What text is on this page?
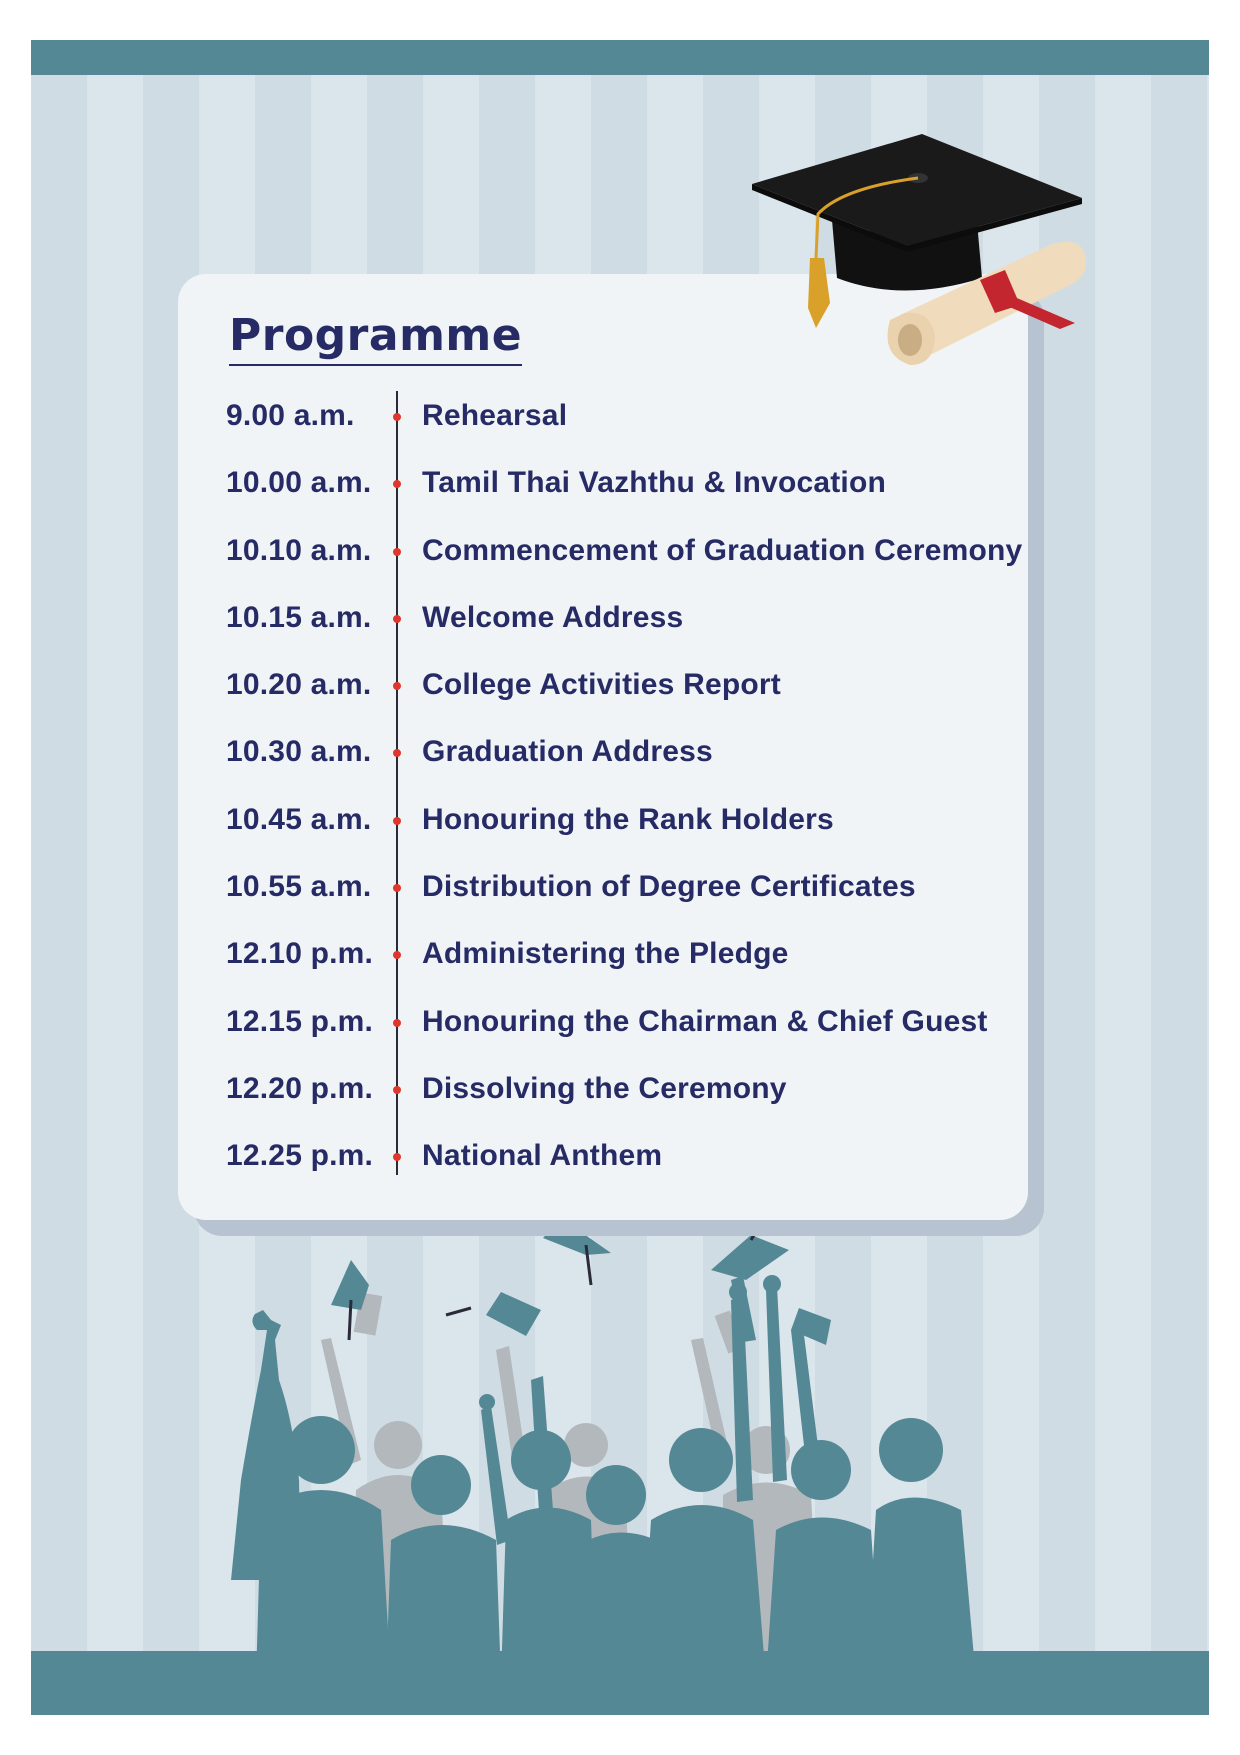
Programme
9.00 a.m. Rehearsal
10.00 a.m. Tamil Thai Vazhthu & Invocation
10.10 a.m. Commencement of Graduation Ceremony
10.15 a.m. Welcome Address
10.20 a.m. College Activities Report
10.30 a.m. Graduation Address
10.45 a.m. Honouring the Rank Holders
10.55 a.m. Distribution of Degree Certificates
12.10 p.m. Administering the Pledge
12.15 p.m. Honouring the Chairman & Chief Guest
12.20 p.m. Dissolving the Ceremony
12.25 p.m. National Anthem
